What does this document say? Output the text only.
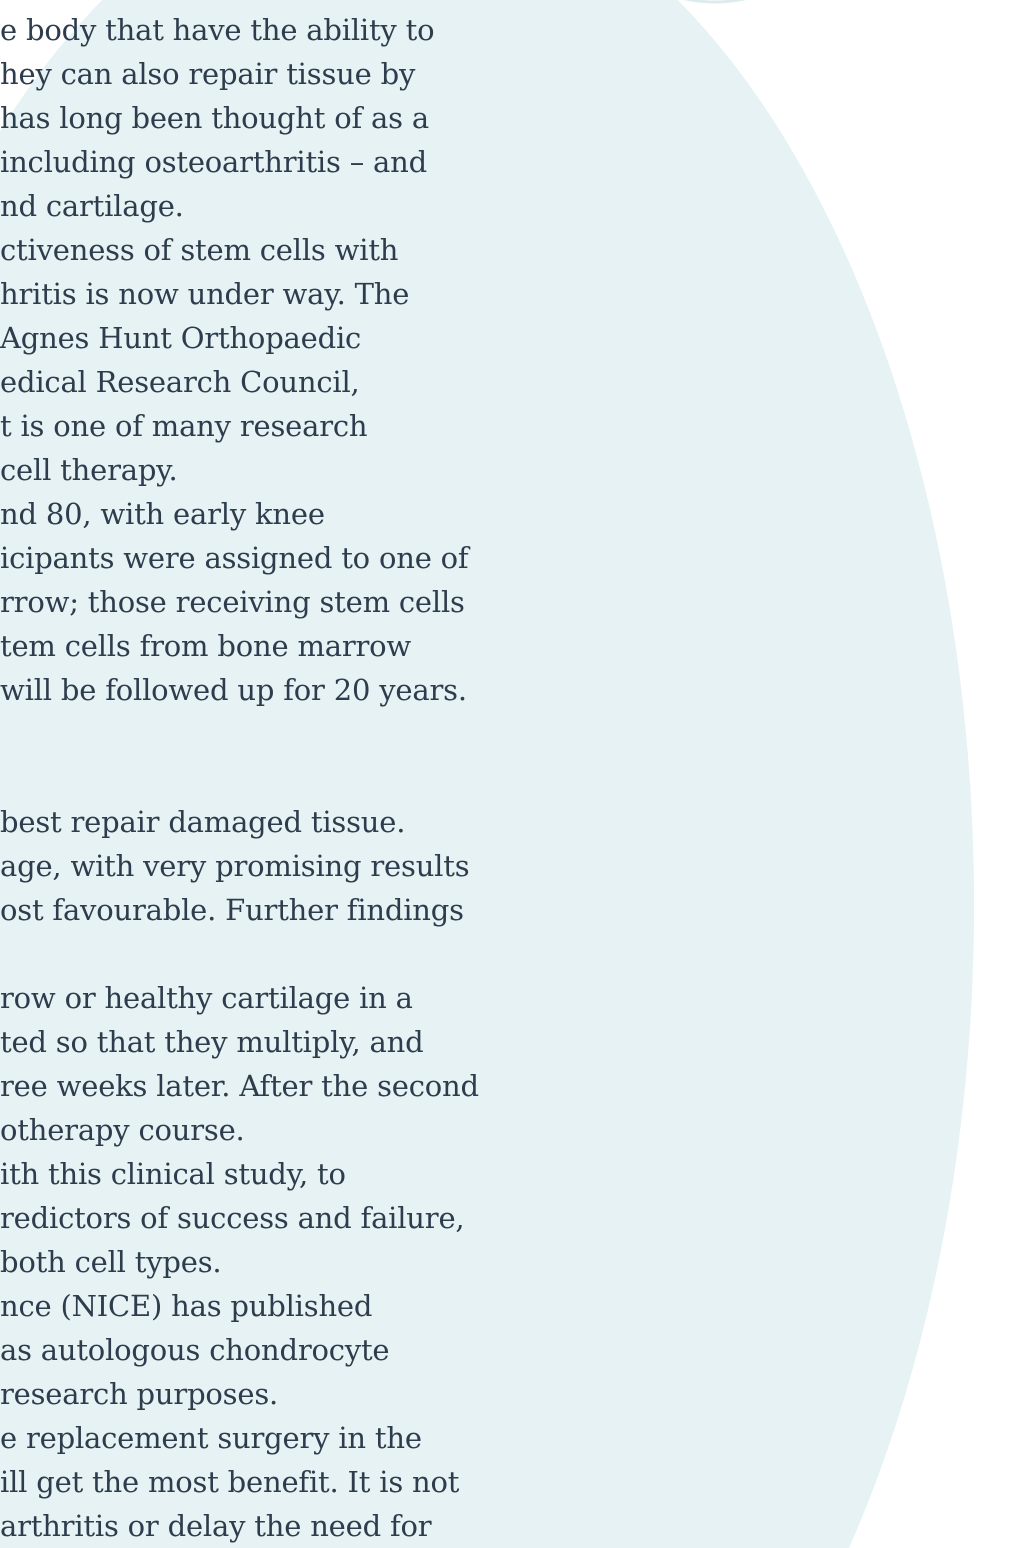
e body that have the ability to
hey can also repair tissue by
has long been thought of as a
including osteoarthritis – and
nd cartilage.
ctiveness of stem cells with
hritis is now under way. The
Agnes Hunt Orthopaedic
edical Research Council,
t is one of many research
cell therapy.
nd 80, with early knee
icipants were assigned to one of
rrow; those receiving stem cells
tem cells from bone marrow
will be followed up for 20 years.
best repair damaged tissue.
age, with very promising results
ost favourable. Further findings
row or healthy cartilage in a
ted so that they multiply, and
ree weeks later. After the second
otherapy course.
ith this clinical study, to
redictors of success and failure,
both cell types.
nce (NICE) has published
as autologous chondrocyte
research purposes.
e replacement surgery in the
ill get the most benefit. It is not
arthritis or delay the need for
